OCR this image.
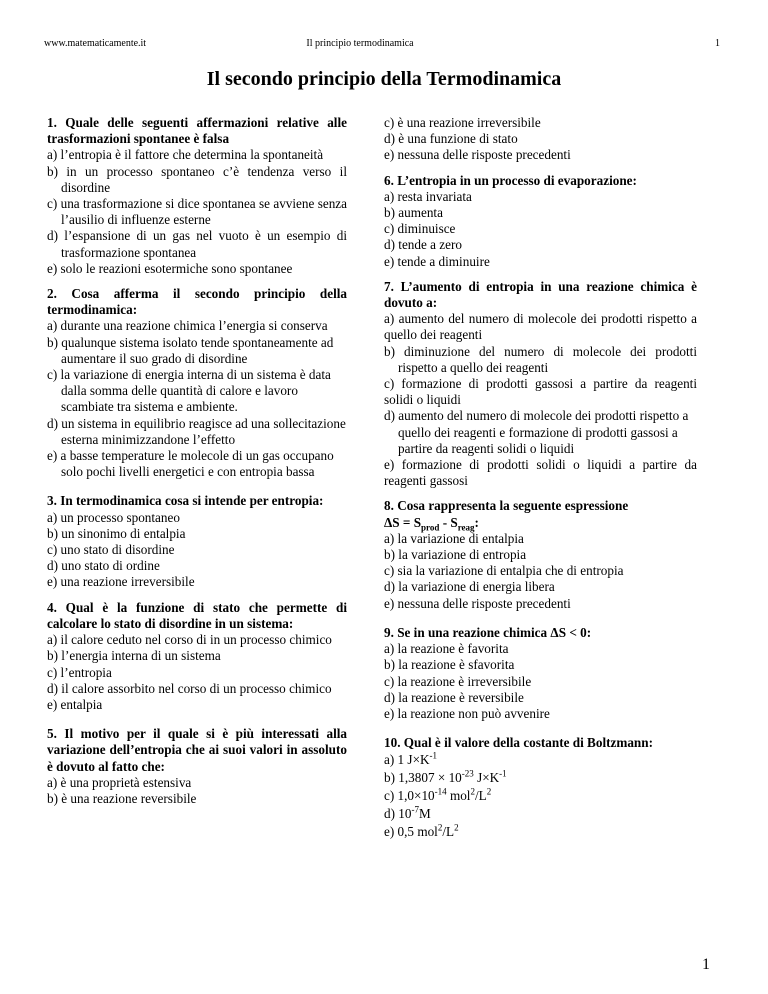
www.matematicamente.it	Il principio termodinamica	1
Il secondo principio della Termodinamica
1. Quale delle seguenti affermazioni relative alle trasformazioni spontanee è falsa
a) l’entropia è il fattore che determina la spontaneità
b) in un processo spontaneo c’è tendenza verso il disordine
c) una trasformazione si dice spontanea se avviene senza l’ausilio di influenze esterne
d) l’espansione di un gas nel vuoto è un esempio di trasformazione spontanea
e) solo le reazioni esotermiche sono spontanee
2. Cosa afferma il secondo principio della termodinamica:
a) durante una reazione chimica l’energia si conserva
b) qualunque sistema isolato tende spontaneamente ad aumentare il suo grado di disordine
c) la variazione di energia interna di un sistema è data dalla somma delle quantità di calore e lavoro scambiate tra sistema e ambiente.
d) un sistema in equilibrio reagisce ad una sollecitazione esterna minimizzandone l’effetto
e) a basse temperature le molecole di un gas occupano solo pochi livelli energetici e con entropia bassa
3. In termodinamica cosa si intende per entropia:
a) un processo spontaneo
b) un sinonimo di entalpia
c) uno stato di disordine
d) uno stato di ordine
e) una reazione irreversibile
4. Qual è la funzione di stato che permette di calcolare lo stato di disordine in un sistema:
a) il calore ceduto nel corso di in un processo chimico
b) l’energia interna di un sistema
c) l’entropia
d) il calore assorbito nel corso di un processo chimico
e) entalpia
5. Il motivo per il quale si è più interessati alla variazione dell’entropia che ai suoi valori in assoluto è dovuto al fatto che:
a) è una proprietà estensiva
b) è una reazione reversibile
c) è una reazione irreversibile
d) è una funzione di stato
e) nessuna delle risposte precedenti
6. L’entropia in un processo di evaporazione:
a) resta invariata
b) aumenta
c) diminuisce
d) tende a zero
e) tende a diminuire
7. L’aumento di entropia in una reazione chimica è dovuto a:
a) aumento del numero di molecole dei prodotti rispetto a quello dei reagenti
b) diminuzione del numero di molecole dei prodotti rispetto a quello dei reagenti
c) formazione di prodotti gassosi a partire da reagenti solidi o liquidi
d) aumento del numero di molecole dei prodotti rispetto a quello dei reagenti e formazione di prodotti gassosi a partire da reagenti solidi o liquidi
e) formazione di prodotti solidi o liquidi a partire da reagenti gassosi
8. Cosa rappresenta la seguente espressione
$\Delta S = S_{prod} - S_{reag}$:
a) la variazione di entalpia
b) la variazione di entropia
c) sia la variazione di entalpia che di entropia
d) la variazione di energia libera
e) nessuna delle risposte precedenti
9. Se in una reazione chimica ΔS < 0:
a) la reazione è favorita
b) la reazione è sfavorita
c) la reazione è irreversibile
d) la reazione è reversibile
e) la reazione non può avvenire
10. Qual è il valore della costante di Boltzmann:
a) 1 $J\times K^{-1}$
b) $1,3807 \times 10^{-23}$ $J\times K^{-1}$
c) $1,0\times 10^{-14}$ $mol^2/L^2$
d) $10^{-7}M$
e) 0,5 $mol^2/L^2$
1
